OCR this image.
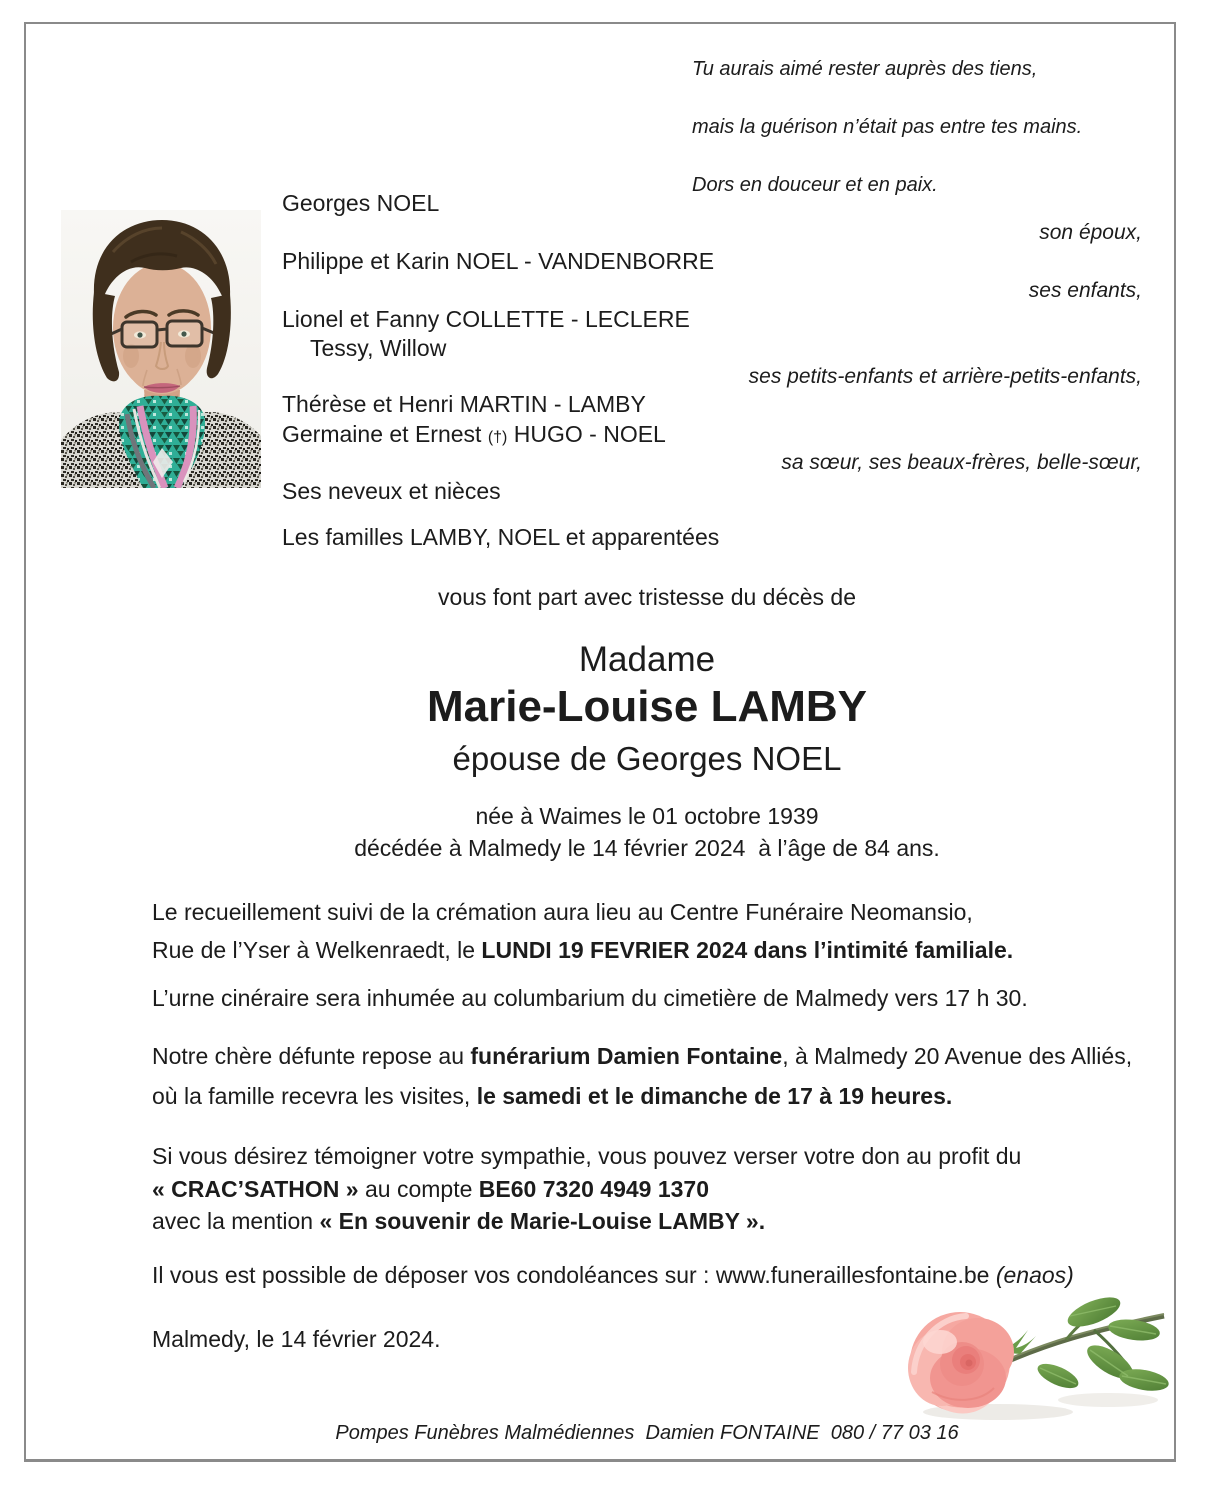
Tu aurais aimé rester auprès des tiens,

mais la guérison n’était pas entre tes mains.

Dors en douceur et en paix.
Georges NOEL
son époux,
Philippe et Karin NOEL - VANDENBORRE
ses enfants,
Lionel et Fanny COLLETTE - LECLERE
Tessy, Willow
ses petits-enfants et arrière-petits-enfants,
Thérèse et Henri MARTIN - LAMBY
Germaine et Ernest (†) HUGO - NOEL
sa sœur, ses beaux-frères, belle-sœur,
Ses neveux et nièces
Les familles LAMBY, NOEL et apparentées
vous font part avec tristesse du décès de
Madame
Marie-Louise LAMBY
épouse de Georges NOEL
née à Waimes le 01 octobre 1939
décédée à Malmedy le 14 février 2024  à l’âge de 84 ans.
Le recueillement suivi de la crémation aura lieu au Centre Funéraire Neomansio,
Rue de l’Yser à Welkenraedt, le LUNDI 19 FEVRIER 2024 dans l’intimité familiale.
L’urne cinéraire sera inhumée au columbarium du cimetière de Malmedy vers 17 h 30.
Notre chère défunte repose au funérarium Damien Fontaine, à Malmedy 20 Avenue des Alliés,
où la famille recevra les visites, le samedi et le dimanche de 17 à 19 heures.
Si vous désirez témoigner votre sympathie, vous pouvez verser votre don au profit du
« CRAC’SATHON » au compte BE60 7320 4949 1370
avec la mention « En souvenir de Marie-Louise LAMBY ».
Il vous est possible de déposer vos condoléances sur : www.funeraillesfontaine.be (enaos)
Malmedy, le 14 février 2024.
Pompes Funèbres Malmédiennes  Damien FONTAINE  080 / 77 03 16
